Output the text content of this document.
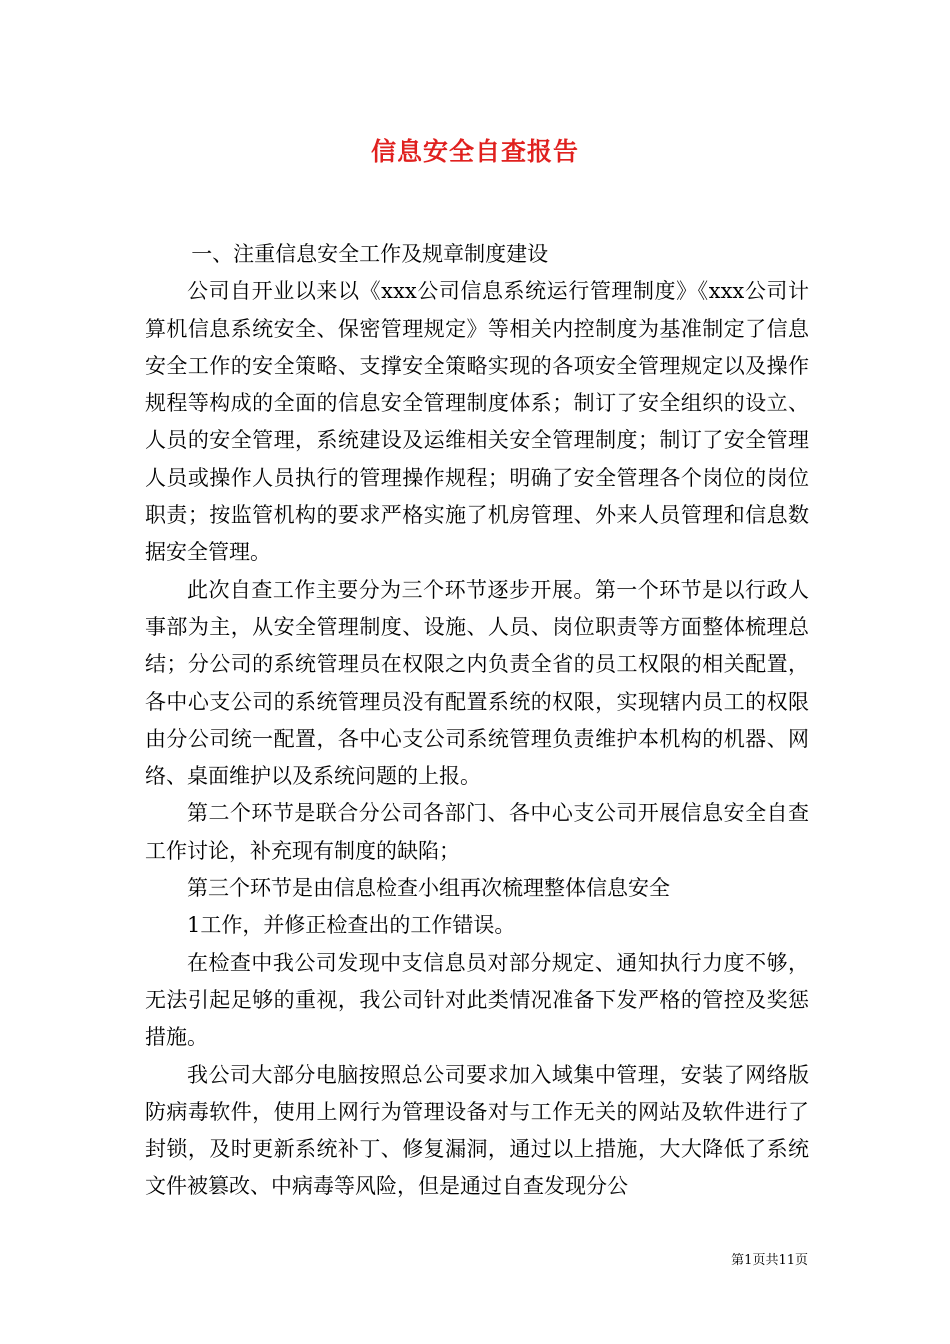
信息安全自查报告

一、注重信息安全工作及规章制度建设

公司自开业以来以《xxx公司信息系统运行管理制度》《xxx公司计算机信息系统安全、保密管理规定》等相关内控制度为基准制定了信息安全工作的安全策略、支撑安全策略实现的各项安全管理规定以及操作规程等构成的全面的信息安全管理制度体系；制订了安全组织的设立、人员的安全管理，系统建设及运维相关安全管理制度；制订了安全管理人员或操作人员执行的管理操作规程；明确了安全管理各个岗位的岗位职责；按监管机构的要求严格实施了机房管理、外来人员管理和信息数据安全管理。

此次自查工作主要分为三个环节逐步开展。第一个环节是以行政人事部为主，从安全管理制度、设施、人员、岗位职责等方面整体梳理总结；分公司的系统管理员在权限之内负责全省的员工权限的相关配置，各中心支公司的系统管理员没有配置系统的权限，实现辖内员工的权限由分公司统一配置，各中心支公司系统管理负责维护本机构的机器、网络、桌面维护以及系统问题的上报。

第二个环节是联合分公司各部门、各中心支公司开展信息安全自查工作讨论，补充现有制度的缺陷；

第三个环节是由信息检查小组再次梳理整体信息安全

1工作，并修正检查出的工作错误。

在检查中我公司发现中支信息员对部分规定、通知执行力度不够，无法引起足够的重视，我公司针对此类情况准备下发严格的管控及奖惩措施。

我公司大部分电脑按照总公司要求加入域集中管理，安装了网络版防病毒软件，使用上网行为管理设备对与工作无关的网站及软件进行了封锁，及时更新系统补丁、修复漏洞，通过以上措施，大大降低了系统文件被篡改、中病毒等风险，但是通过自查发现分公

第1页共11页
